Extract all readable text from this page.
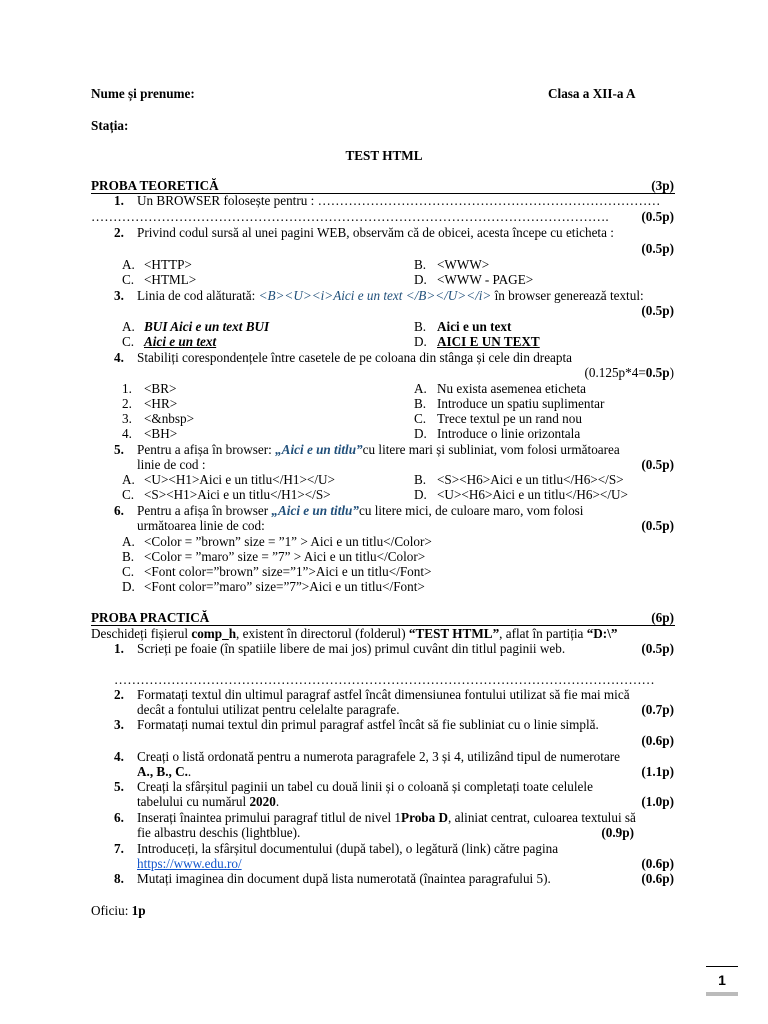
Nume și prenume:	Clasa a XII-a A
Stația:
TEST HTML
PROBA TEORETICĂ	(3p)
1. Un BROWSER folosește pentru : ……………………………………………………………………
………………………………………………………………………………………………………. (0.5p)
2. Privind codul sursă al unei pagini WEB, observăm că de obicei, acesta începe cu eticheta :
(0.5p)
A. <HTTP>	B. <WWW>
C. <HTML>	D. <WWW - PAGE>
3. Linia de cod alăturată: <B><U><i>Aici e un text </B></U></i> în browser generează textul:
(0.5p)
A. BUI Aici e un text BUI	B. Aici e un text
C. Aici e un text	D. AICI E UN TEXT
4. Stabiliți corespondențele între casetele de pe coloana din stânga și cele din dreapta
(0.125p*4=0.5p)
1. <BR>	A. Nu exista asemenea eticheta
2. <HR>	B. Introduce un spatiu suplimentar
3. <&nbsp>	C. Trece textul pe un rand nou
4. <BH>	D. Introduce o linie orizontala
5. Pentru a afișa în browser: „Aici e un titlu”cu litere mari și subliniat, vom folosi următoarea
linie de cod :	(0.5p)
A. <U><H1>Aici e un titlu</H1></U>	B. <S><H6>Aici e un titlu</H6></S>
C. <S><H1>Aici e un titlu</H1></S>	D. <U><H6>Aici e un titlu</H6></U>
6. Pentru a afișa în browser „Aici e un titlu”cu litere mici, de culoare maro, vom folosi
următoarea linie de cod:	(0.5p)
A. <Color = ”brown” size = ”1” > Aici e un titlu</Color>
B. <Color = ”maro” size = ”7” > Aici e un titlu</Color>
C. <Font color=”brown” size=”1”>Aici e un titlu</Font>
D. <Font color=”maro” size=”7”>Aici e un titlu</Font>
PROBA PRACTICĂ	(6p)
Deschideți fișierul comp_h, existent în directorul (folderul) “TEST HTML”, aflat în partiția “D:\”
1. Scrieți pe foaie (în spatiile libere de mai jos) primul cuvânt din titlul paginii web.	(0.5p)
……………………………………………………………………………………………………………
2. Formatați textul din ultimul paragraf astfel încât dimensiunea fontului utilizat să fie mai mică
decât a fontului utilizat pentru celelalte paragrafe.	(0.7p)
3. Formatați numai textul din primul paragraf astfel încât să fie subliniat cu o linie simplă.
(0.6p)
4. Creați o listă ordonată pentru a numerota paragrafele 2, 3 și 4, utilizând tipul de numerotare
A., B., C..	(1.1p)
5. Creați la sfârșitul paginii un tabel cu două linii și o coloană și completați toate celulele
tabelului cu numărul 2020.	(1.0p)
6. Inserați înaintea primului paragraf titlul de nivel 1Proba D, aliniat centrat, culoarea textului să
fie albastru deschis (lightblue).	(0.9p)
7. Introduceți, la sfârșitul documentului (după tabel), o legătură (link) către pagina
https://www.edu.ro/	(0.6p)
8. Mutați imaginea din document după lista numerotată (înaintea paragrafului 5).	(0.6p)
Oficiu: 1p
1
